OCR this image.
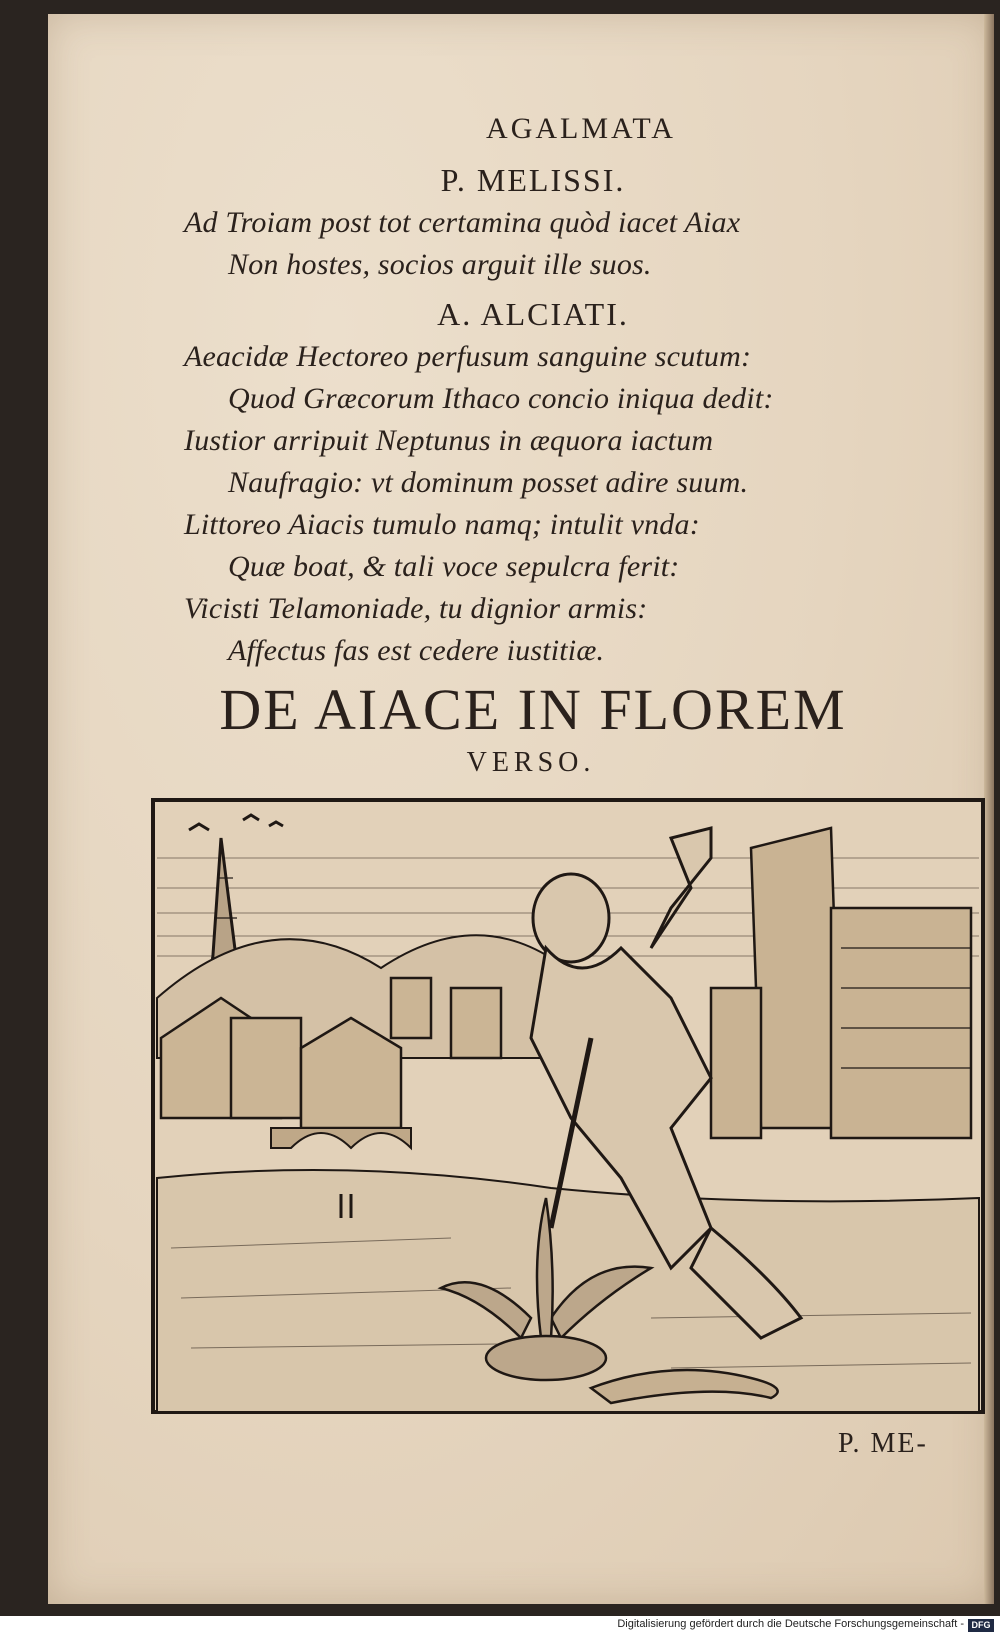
AGALMATA
P. MELISSI.
Ad Troiam post tot certamina quòd iacet Aiax
Non hostes, socios arguit ille suos.
A. ALCIATI.
Aeacidæ Hectoreo perfusum sanguine scutum:
Quod Græcorum Ithaco concio iniqua dedit:
Iustior arripuit Neptunus in æquora iactum
Naufragio: vt dominum posset adire suum.
Littoreo Aiacis tumulo namq; intulit vnda:
Quæ boat, & tali voce sepulcra ferit:
Vicisti Telamoniade, tu dignior armis:
Affectus fas est cedere iustitiæ.
DE AIACE IN FLOREM
VERSO.
P. ME-
Digitalisierung gefördert durch die Deutsche Forschungsgemeinschaft - DFG
